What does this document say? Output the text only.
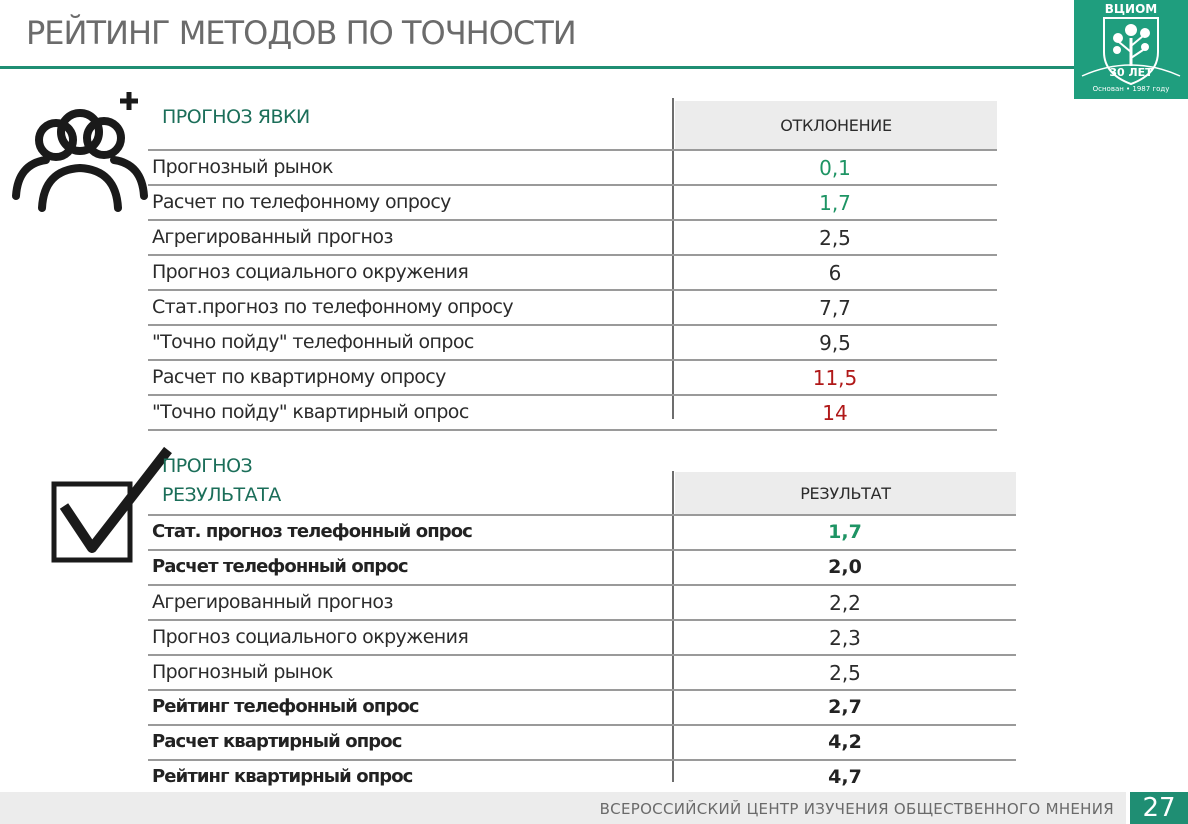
РЕЙТИНГ МЕТОДОВ ПО ТОЧНОСТИ
ВЦИОМ
30 ЛЕТ
Основан • 1987 году
ПРОГНОЗ ЯВКИ	ОТКЛОНЕНИЕ
Прогнозный рынок	0,1
Расчет по телефонному опросу	1,7
Агрегированный прогноз	2,5
Прогноз социального окружения	6
Стат.прогноз по телефонному опросу	7,7
"Точно пойду" телефонный опрос	9,5
Расчет по квартирному опросу	11,5
"Точно пойду" квартирный опрос	14
ПРОГНОЗ
РЕЗУЛЬТАТА	РЕЗУЛЬТАТ
Стат. прогноз телефонный опрос	1,7
Расчет телефонный опрос	2,0
Агрегированный прогноз	2,2
Прогноз социального окружения	2,3
Прогнозный рынок	2,5
Рейтинг телефонный опрос	2,7
Расчет квартирный опрос	4,2
Рейтинг квартирный опрос	4,7
ВСЕРОССИЙСКИЙ ЦЕНТР ИЗУЧЕНИЯ ОБЩЕСТВЕННОГО МНЕНИЯ	27
